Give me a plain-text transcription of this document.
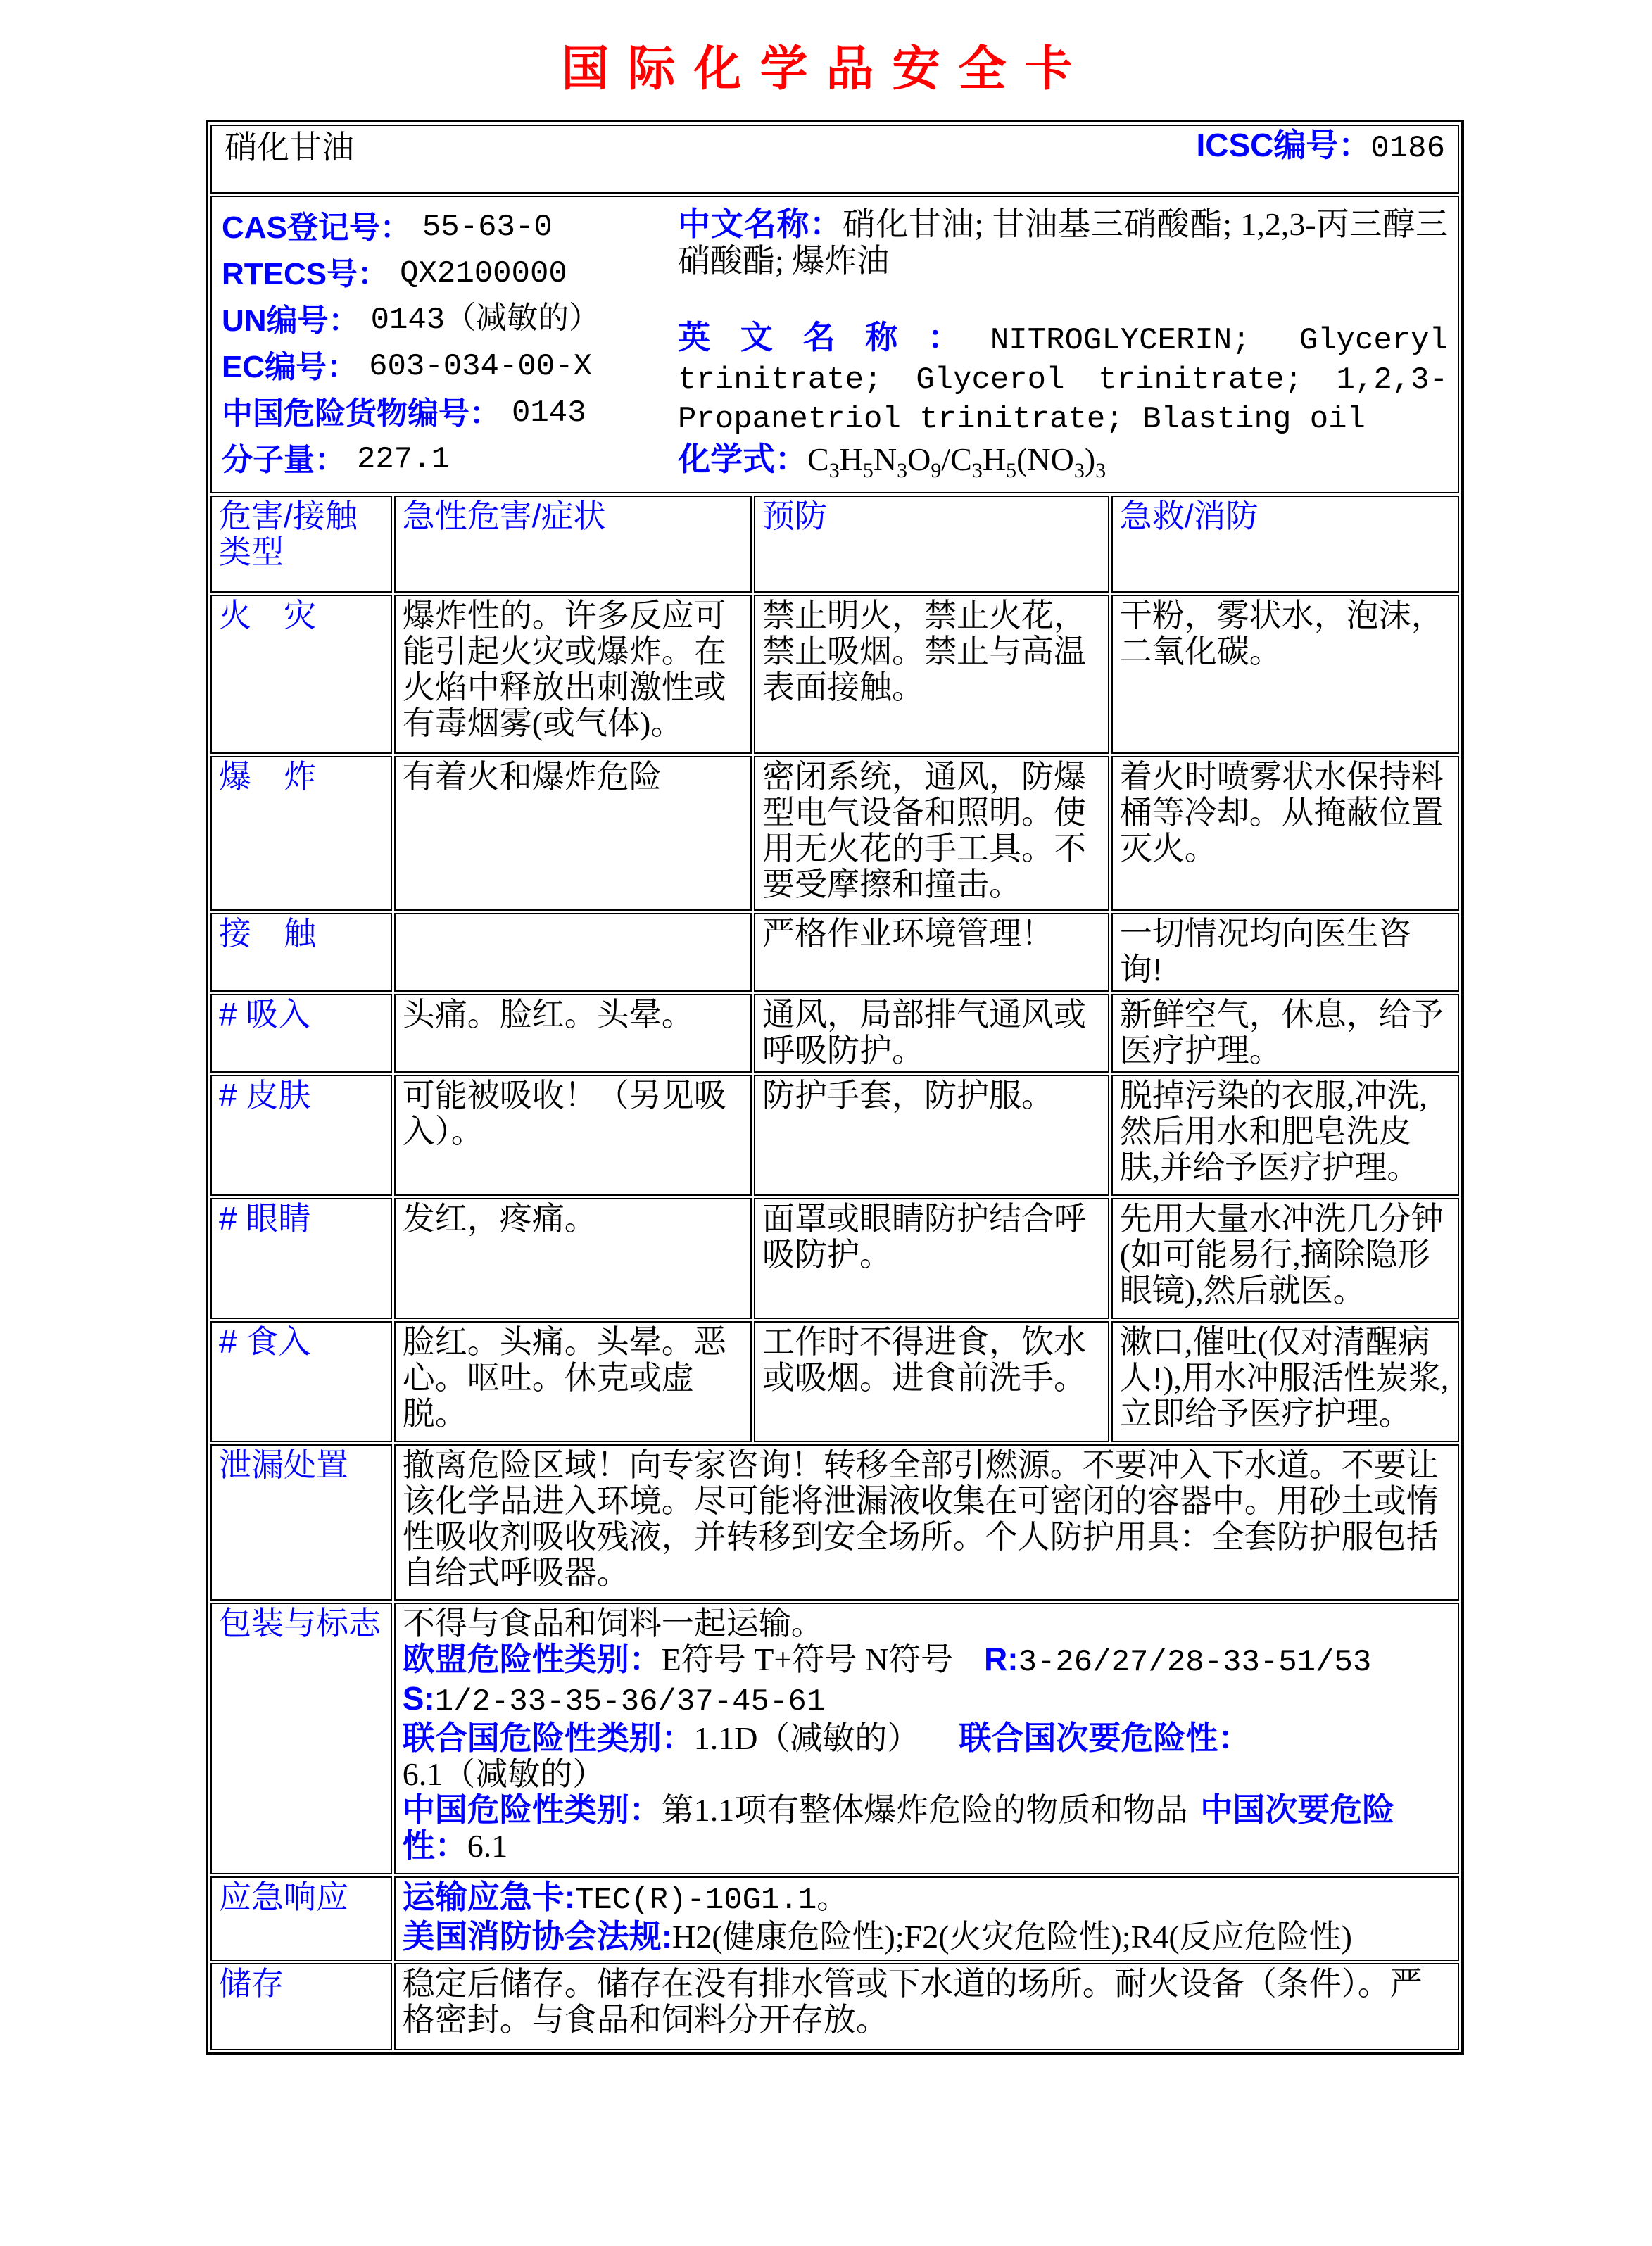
国际化学品安全卡
硝化甘油 ICSC编号：0186			

CAS登记号： 55-63-0
RTECS号： QX2100000
UN编号： 0143（减敏的）
EC编号： 603-034-00-X
中国危险货物编号： 0143
分子量： 227.1
中文名称：硝化甘油; 甘油基三硝酸酯; 1,2,3-丙三醇三硝酸酯; 爆炸油
英文名称：NITROGLYCERIN; Glyceryl trinitrate; Glycerol trinitrate; 1,2,3-Propanetriol trinitrate; Blasting oil
化学式：$C_3H_5N_3O_9/C_3H_5(NO_3)_3$

危害/接触
类型	急性危害/症状	预防	急救/消防
火　灾	爆炸性的。许多反应可能引起火灾或爆炸。在火焰中释放出刺激性或有毒烟雾(或气体)。	禁止明火，禁止火花，禁止吸烟。禁止与高温表面接触。	干粉，雾状水，泡沫，二氧化碳。
爆　炸	有着火和爆炸危险	密闭系统，通风，防爆型电气设备和照明。使用无火花的手工具。不要受摩擦和撞击。	着火时喷雾状水保持料桶等冷却。从掩蔽位置灭火。
接　触		严格作业环境管理！	一切情况均向医生咨询!
# 吸入	头痛。脸红。头晕。	通风，局部排气通风或呼吸防护。	新鲜空气，休息，给予医疗护理。
# 皮肤	可能被吸收！（另见吸入）。	防护手套，防护服。	脱掉污染的衣服,冲洗,然后用水和肥皂洗皮肤,并给予医疗护理。
# 眼睛	发红，疼痛。	面罩或眼睛防护结合呼吸防护。	先用大量水冲洗几分钟(如可能易行,摘除隐形眼镜),然后就医。
# 食入	脸红。头痛。头晕。恶心。呕吐。休克或虚脱。	工作时不得进食，饮水或吸烟。进食前洗手。	漱口,催吐(仅对清醒病人!),用水冲服活性炭浆,立即给予医疗护理。
泄漏处置	撤离危险区域！向专家咨询！转移全部引燃源。不要冲入下水道。不要让该化学品进入环境。尽可能将泄漏液收集在可密闭的容器中。用砂土或惰性吸收剂吸收残液，并转移到安全场所。个人防护用具：全套防护服包括自给式呼吸器。		
包装与标志	不得与食品和饲料一起运输。
欧盟危险性类别：E符号 T+符号 N符号 R:3-26/27/28-33-51/53
S:1/2-33-35-36/37-45-61
联合国危险性类别：1.1D（减敏的） 联合国次要危险性：6.1（减敏的）
中国危险性类别：第1.1项有整体爆炸危险的物质和物品 中国次要危险性：6.1		

应急响应	运输应急卡:TEC(R)-10G1.1。
美国消防协会法规:H2(健康危险性);F2(火灾危险性);R4(反应危险性)		

储存	稳定后储存。储存在没有排水管或下水道的场所。耐火设备（条件）。严格密封。与食品和饲料分开存放。		
